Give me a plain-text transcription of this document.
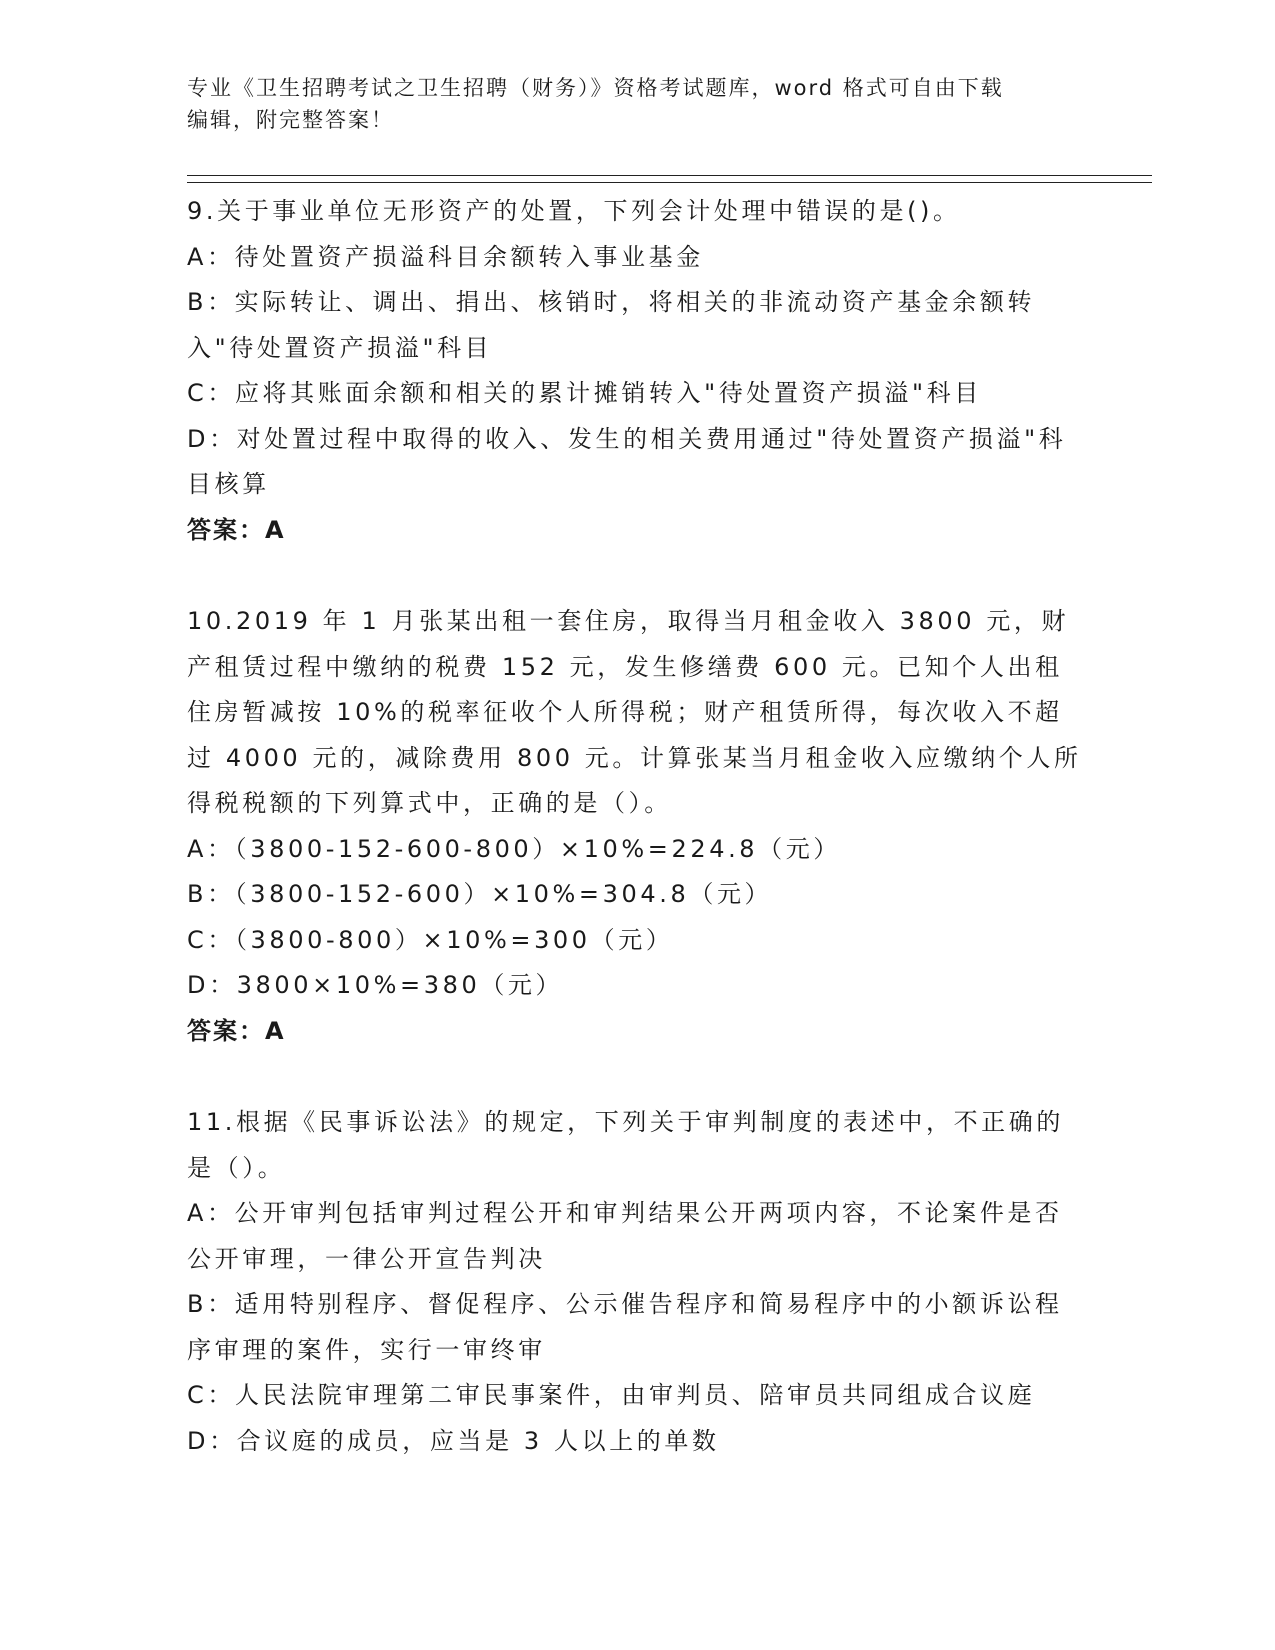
专业《卫生招聘考试之卫生招聘（财务）》资格考试题库，word 格式可自由下载
编辑，附完整答案！

9.关于事业单位无形资产的处置，下列会计处理中错误的是()。

A：待处置资产损溢科目余额转入事业基金

B：实际转让、调出、捐出、核销时，将相关的非流动资产基金余额转入"待处置资产损溢"科目

C：应将其账面余额和相关的累计摊销转入"待处置资产损溢"科目

D：对处置过程中取得的收入、发生的相关费用通过"待处置资产损溢"科目核算

答案：A

10.2019 年 1 月张某出租一套住房，取得当月租金收入 3800 元，财产租赁过程中缴纳的税费 152 元，发生修缮费 600 元。已知个人出租住房暂减按 10%的税率征收个人所得税；财产租赁所得，每次收入不超过 4000 元的，减除费用 800 元。计算张某当月租金收入应缴纳个人所得税税额的下列算式中，正确的是（）。

A：（3800-152-600-800）×10%=224.8（元）

B：（3800-152-600）×10%=304.8（元）

C：（3800-800）×10%=300（元）

D：3800×10%=380（元）

答案：A

11.根据《民事诉讼法》的规定，下列关于审判制度的表述中，不正确的是（）。

A：公开审判包括审判过程公开和审判结果公开两项内容，不论案件是否公开审理，一律公开宣告判决

B：适用特别程序、督促程序、公示催告程序和简易程序中的小额诉讼程序审理的案件，实行一审终审

C：人民法院审理第二审民事案件，由审判员、陪审员共同组成合议庭

D：合议庭的成员，应当是 3 人以上的单数
